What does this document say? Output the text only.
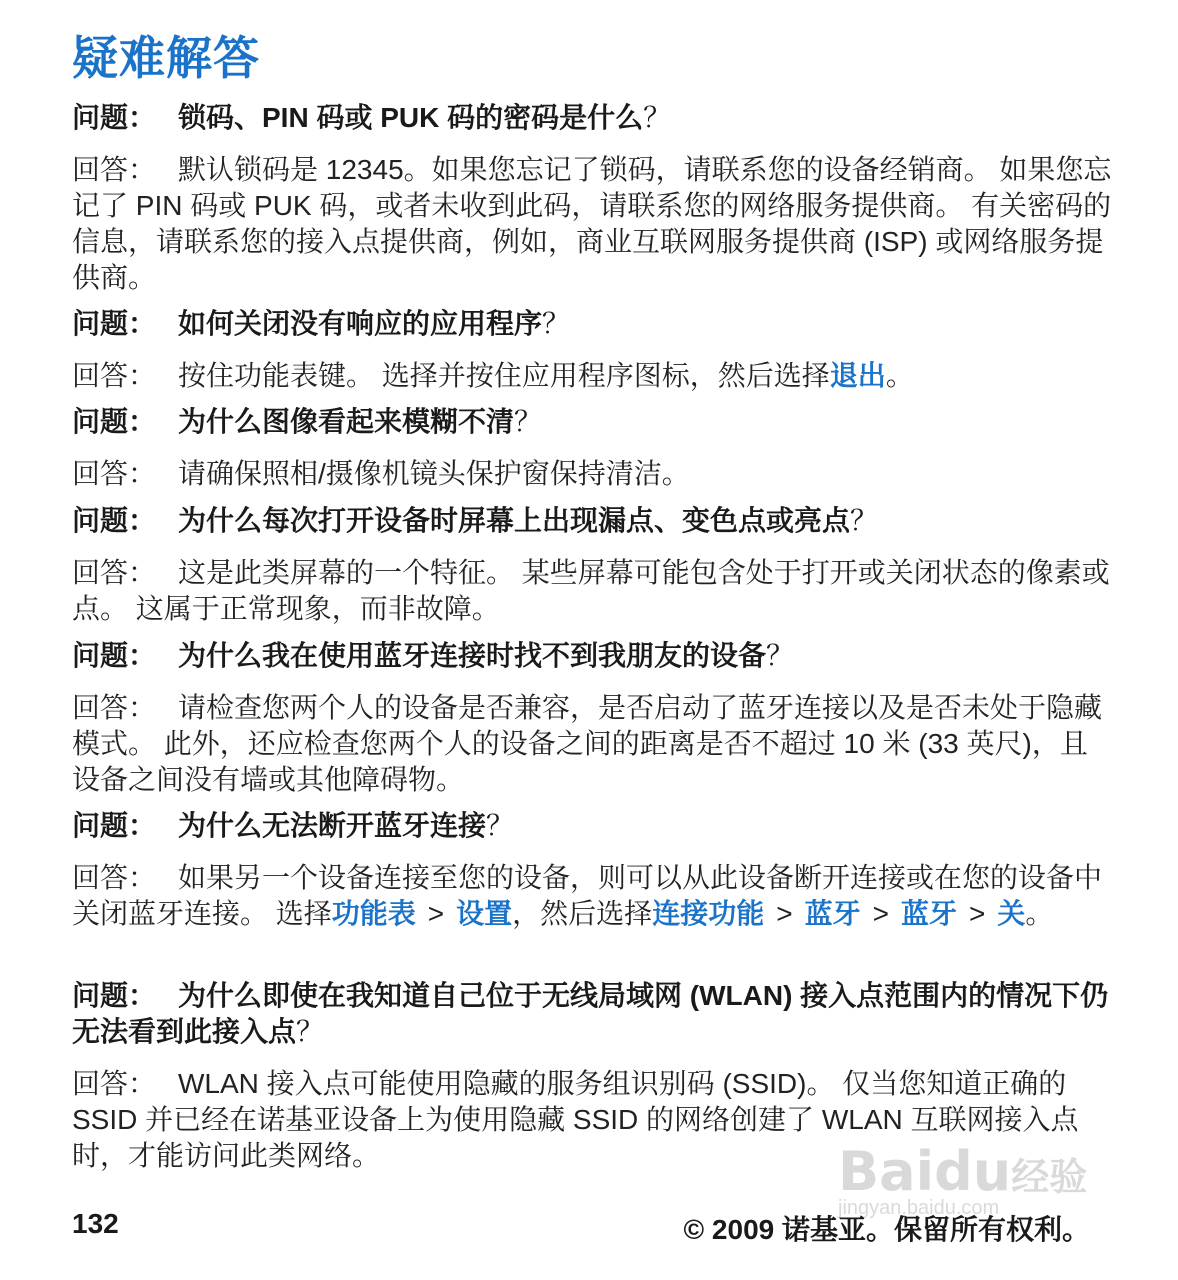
疑难解答

问题： 锁码、PIN 码或 PUK 码的密码是什么？

回答： 默认锁码是 12345。如果您忘记了锁码，请联系您的设备经销商。 如果您忘记了 PIN 码或 PUK 码，或者未收到此码，请联系您的网络服务提供商。 有关密码的信息，请联系您的接入点提供商，例如，商业互联网服务提供商 (ISP) 或网络服务提供商。

问题： 如何关闭没有响应的应用程序？

回答： 按住功能表键。 选择并按住应用程序图标，然后选择退出。

问题： 为什么图像看起来模糊不清？

回答： 请确保照相/摄像机镜头保护窗保持清洁。

问题： 为什么每次打开设备时屏幕上出现漏点、变色点或亮点？

回答： 这是此类屏幕的一个特征。 某些屏幕可能包含处于打开或关闭状态的像素或点。 这属于正常现象，而非故障。

问题： 为什么我在使用蓝牙连接时找不到我朋友的设备？

回答： 请检查您两个人的设备是否兼容，是否启动了蓝牙连接以及是否未处于隐藏模式。 此外，还应检查您两个人的设备之间的距离是否不超过 10 米 (33 英尺)，且设备之间没有墙或其他障碍物。

问题： 为什么无法断开蓝牙连接？

回答： 如果另一个设备连接至您的设备，则可以从此设备断开连接或在您的设备中关闭蓝牙连接。 选择功能表 > 设置，然后选择连接功能 > 蓝牙 > 蓝牙 > 关。

问题： 为什么即使在我知道自己位于无线局域网 (WLAN) 接入点范围内的情况下仍无法看到此接入点？

回答： WLAN 接入点可能使用隐藏的服务组识别码 (SSID)。 仅当您知道正确的 SSID 并已经在诺基亚设备上为使用隐藏 SSID 的网络创建了 WLAN 互联网接入点时，才能访问此类网络。	Baidu经验
jingyan.baidu.com
132	© 2009 诺基亚。保留所有权利。
